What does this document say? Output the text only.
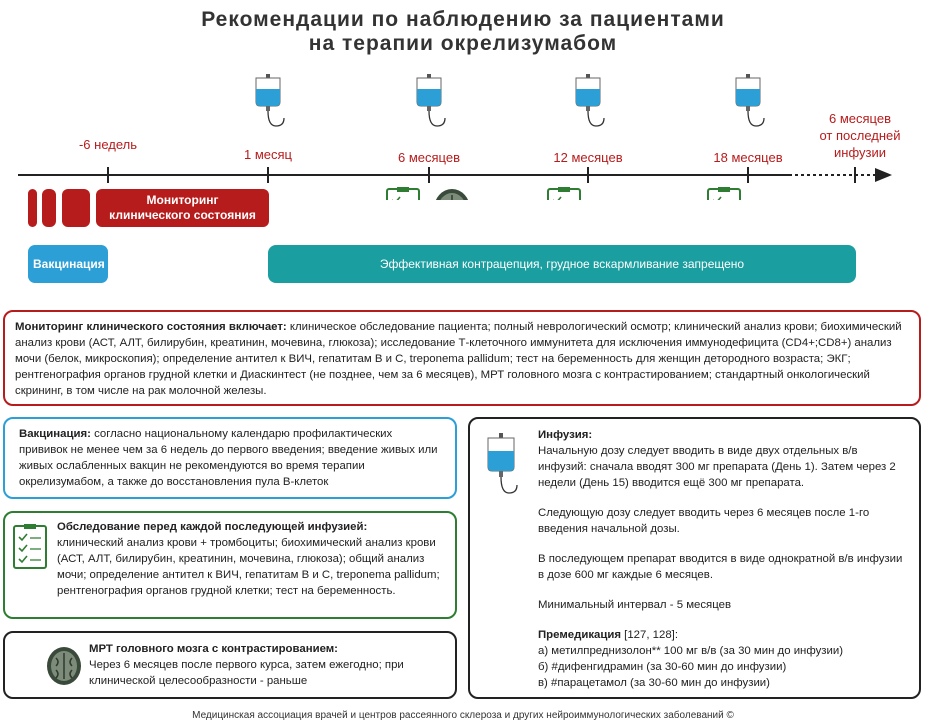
Рекомендации по наблюдению за пациентами
на терапии окрелизумабом
-6 недель
1 месяц	6 месяцев	12 месяцев	18 месяцев
6 месяцев
от последней
инфузии
Мониторинг
клинического состояния
Вакцинация	Эффективная контрацепция, грудное вскармливание запрещено

Мониторинг клинического состояния включает: клиническое обследование пациента; полный неврологический осмотр; клинический анализ крови; биохимический анализ крови (АСТ, АЛТ, билирубин, креатинин, мочевина, глюкоза); исследование Т-клеточного иммунитета для исключения иммунодефицита (CD4+;CD8+) анализ мочи (белок, микроскопия); определение антител к ВИЧ, гепатитам В и С, treponema pallidum; тест на беременность для женщин детородного возраста; ЭКГ; рентгенография органов грудной клетки и Диаскинтест (не позднее, чем за 6 месяцев), МРТ головного мозга с контрастированием; стандартный онкологический скрининг, в том числе на рак молочной железы.

Вакцинация: согласно национальному календарю профилактических прививок не менее чем за 6 недель до первого введения; введение живых или живых ослабленных вакцин не рекомендуются во время терапии окрелизумабом, а также до восстановления пула В-клеток

Обследование перед каждой последующей инфузией:

клинический анализ крови + тромбоциты; биохимический анализ крови (АСТ, АЛТ, билирубин, креатинин, мочевина, глюкоза); общий анализ мочи; определение антител к ВИЧ, гепатитам В и С, treponema pallidum; рентгенография органов грудной клетки; тест на беременность.

МРТ головного мозга с контрастированием:

Через 6 месяцев после первого курса, затем ежегодно; при клинической целесообразности - раньше

Инфузия:

Начальную дозу следует вводить в виде двух отдельных в/в инфузий: сначала вводят 300 мг препарата (День 1). Затем через 2 недели (День 15) вводится ещё 300 мг препарата.

Следующую дозу следует вводить через 6 месяцев после 1-го введения начальной дозы.

В последующем препарат вводится в виде однократной в/в инфузии в дозе 600 мг каждые 6 месяцев.

Минимальный интервал - 5 месяцев

Премедикация [127, 128]:

а) метилпреднизолон** 100 мг в/в (за 30 мин до инфузии)

б) #дифенгидрамин (за 30-60 мин до инфузии)

в) #парацетамол (за 30-60 мин до инфузии)

Медицинская ассоциация врачей и центров рассеянного склероза и других нейроиммунологических заболеваний ©
